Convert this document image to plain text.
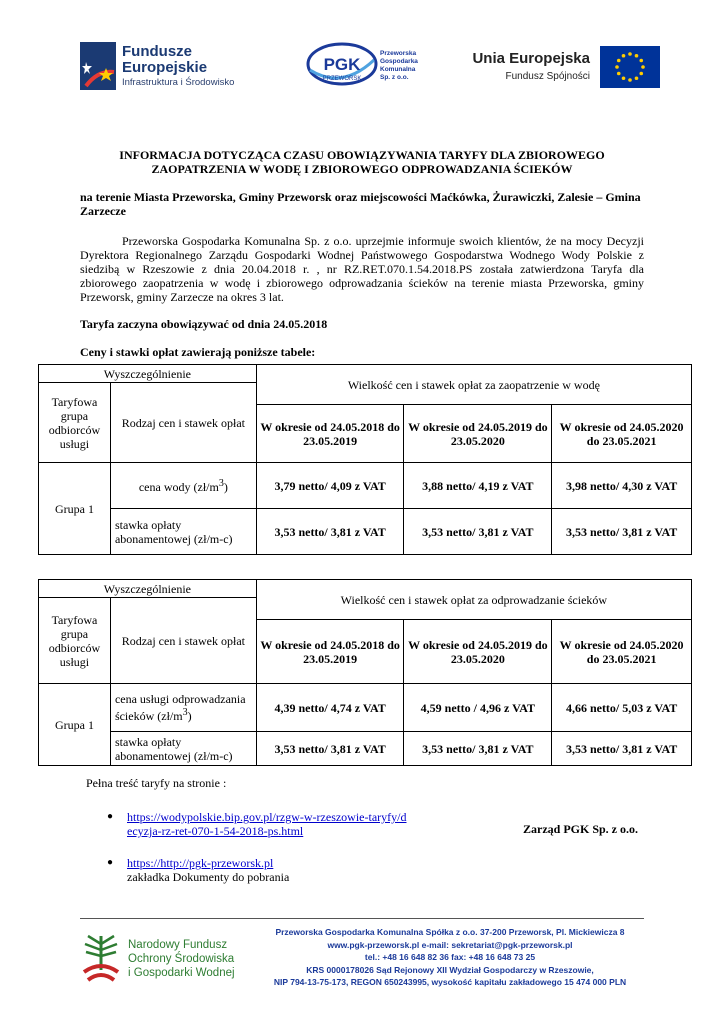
Fundusze
Europejskie
Infrastruktura i Środowisko
PGK
PRZEWORSK
Przeworska
Gospodarka
Komunalna
Sp. z o.o.
Unia Europejska
Fundusz Spójności
INFORMACJA DOTYCZĄCA CZASU OBOWIĄZYWANIA TARYFY DLA ZBIOROWEGO
ZAOPATRZENIA W WODĘ I ZBIOROWEGO ODPROWADZANIA ŚCIEKÓW
na terenie Miasta Przeworska, Gminy Przeworsk oraz miejscowości Maćkówka, Żurawiczki, Zalesie – Gmina Zarzecze
Przeworska Gospodarka Komunalna Sp. z o.o. uprzejmie informuje swoich klientów, że na mocy Decyzji Dyrektora Regionalnego Zarządu Gospodarki Wodnej Państwowego Gospodarstwa Wodnego Wody Polskie z siedzibą w Rzeszowie z dnia 20.04.2018 r. , nr RZ.RET.070.1.54.2018.PS została zatwierdzona Taryfa dla zbiorowego zaopatrzenia w wodę i zbiorowego odprowadzania ścieków na terenie miasta Przeworska, gminy Przeworsk, gminy Zarzecze na okres 3 lat.
Taryfa zaczyna obowiązywać od dnia 24.05.2018
Ceny i stawki opłat zawierają poniższe tabele:
Wyszczególnienie		Wielkość cen i stawek opłat za zaopatrzenie w wodę		
Taryfowa grupa odbiorców usługi	Rodzaj cen i stawek opłat			
		W okresie od 24.05.2018 do 23.05.2019	W okresie od 24.05.2019 do 23.05.2020	W okresie od 24.05.2020 do 23.05.2021
Grupa 1	cena wody $(zł/m^3)$	3,79 netto/ 4,09 z VAT	3,88 netto/ 4,19 z VAT	3,98 netto/ 4,30 z VAT
	stawka opłaty abonamentowej (zł/m-c)	3,53 netto/ 3,81 z VAT	3,53 netto/ 3,81 z VAT	3,53 netto/ 3,81 z VAT
Wyszczególnienie		Wielkość cen i stawek opłat za odprowadzanie ścieków		
Taryfowa grupa odbiorców usługi	Rodzaj cen i stawek opłat			
		W okresie od 24.05.2018 do 23.05.2019	W okresie od 24.05.2019 do 23.05.2020	W okresie od 24.05.2020 do 23.05.2021
Grupa 1	cena usługi odprowadzania ścieków $(zł/m^3)$	4,39 netto/ 4,74 z VAT	4,59 netto / 4,96 z VAT	4,66 netto/ 5,03 z VAT
	stawka opłaty abonamentowej (zł/m-c)	3,53 netto/ 3,81 z VAT	3,53 netto/ 3,81 z VAT	3,53 netto/ 3,81 z VAT
Pełna treść taryfy na stronie :
● https://wodypolskie.bip.gov.pl/rzgw-w-rzeszowie-taryfy/decyzja-rz-ret-070-1-54-2018-ps.html
● https://http://pgk-przeworsk.pl
zakładka Dokumenty do pobrania
Zarząd PGK Sp. z o.o.
Narodowy Fundusz
Ochrony Środowiska
i Gospodarki Wodnej
Przeworska Gospodarka Komunalna Spółka z o.o. 37-200 Przeworsk, Pl. Mickiewicza 8
www.pgk-przeworsk.pl e-mail: sekretariat@pgk-przeworsk.pl
tel.: +48 16 648 82 36 fax: +48 16 648 73 25
KRS 0000178026 Sąd Rejonowy XII Wydział Gospodarczy w Rzeszowie,
NIP 794-13-75-173, REGON 650243995, wysokość kapitału zakładowego 15 474 000 PLN
